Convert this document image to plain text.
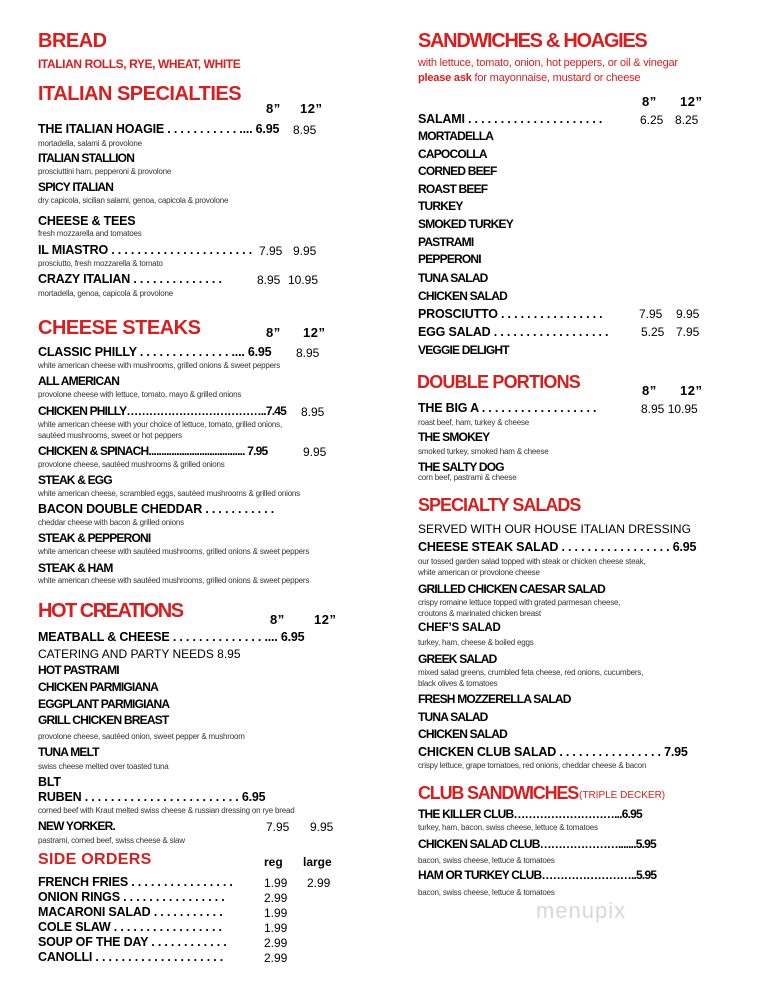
BREAD
ITALIAN ROLLS, RYE, WHEAT, WHITE
ITALIAN SPECIALTIES
8” 12”
THE ITALIAN HOAGIE . . . . . . . . . . . .... 6.95 8.95
mortadella, salami & provolone
ITALIAN STALLION
prosciuttini ham, pepperoni & provolone
SPICY ITALIAN
dry capicola, sicilian salami, genoa, capicola & provolone
CHEESE & TEES
fresh mozzarella and tomatoes
IL MIASTRO . . . . . . . . . . . . . . . . . . . . . . 7.95 9.95
prosciutto, fresh mozzarella & tomato
CRAZY ITALIAN . . . . . . . . . . . . . .	8.95 10.95
mortadella, genoa, capicola & provolone
CHEESE STEAKS	8” 12”
CLASSIC PHILLY . . . . . . . . . . . . . . .... 6.95 8.95
white american cheese with mushrooms, grilled onions & sweet peppers
ALL AMERICAN
provolone cheese with lettuce, tomato, mayo & grilled onions
CHICKEN PHILLY………………………………..7.45 8.95
white american cheese with your choice of lettuce, tomato, grilled onions,
sautéed mushrooms, sweet or hot peppers
CHICKEN & SPINACH...................................... 7.95	9.95
provolone cheese, sautéed mushrooms & grilled onions
STEAK & EGG
white american cheese, scrambled eggs, sautéed mushrooms & grilled onions
BACON DOUBLE CHEDDAR . . . . . . . . . . .
cheddar cheese with bacon & grilled onions
STEAK & PEPPERONI
white american cheese with sautéed mushrooms, grilled onions & sweet peppers
STEAK & HAM
white american cheese with sautéed mushrooms, grilled onions & sweet peppers
HOT CREATIONS	8” 12”
MEATBALL & CHEESE . . . . . . . . . . . . . . .... 6.95
CATERING AND PARTY NEEDS 8.95
HOT PASTRAMI
CHICKEN PARMIGIANA
EGGPLANT PARMIGIANA
GRILL CHICKEN BREAST
provolone cheese, sautéed onion, sweet pepper & mushroom
TUNA MELT
swiss cheese melted over toasted tuna
BLT
RUBEN . . . . . . . . . . . . . . . . . . . . . . . . 6.95
corned beef with Kraut melted swiss cheese & russian dressing on rye bread
NEW YORKER.	7.95 9.95
pastrami, corned beef, swiss cheese & slaw
SIDE ORDERS	reg large
FRENCH FRIES . . . . . . . . . . . . . . . .	1.99 2.99
ONION RINGS . . . . . . . . . . . . . . . .	2.99
MACARONI SALAD . . . . . . . . . . .	1.99
COLE SLAW . . . . . . . . . . . . . . . . .	1.99
SOUP OF THE DAY . . . . . . . . . . . .	2.99
CANOLLI . . . . . . . . . . . . . . . . . . . .	2.99
SANDWICHES & HOAGIES
with lettuce, tomato, onion, hot peppers, or oil & vinegar
please ask for mayonnaise, mustard or cheese
8” 12”
SALAMI . . . . . . . . . . . . . . . . . . . . .	6.25 8.25
MORTADELLA
CAPOCOLLA
CORNED BEEF
ROAST BEEF
TURKEY
SMOKED TURKEY
PASTRAMI
PEPPERONI
TUNA SALAD
CHICKEN SALAD
PROSCIUTTO . . . . . . . . . . . . . . . .	7.95 9.95
EGG SALAD . . . . . . . . . . . . . . . . . .	5.25 7.95
VEGGIE DELIGHT
DOUBLE PORTIONS	8” 12”
THE BIG A . . . . . . . . . . . . . . . . . .	8.95 10.95
roast beef, ham, turkey & cheese
THE SMOKEY
smoked turkey, smoked ham & cheese
THE SALTY DOG
corn beef, pastrami & cheese
SPECIALTY SALADS
SERVED WITH OUR HOUSE ITALIAN DRESSING
CHEESE STEAK SALAD . . . . . . . . . . . . . . . . . 6.95
our tossed garden salad topped with steak or chicken cheese steak,
white american or provolone cheese
GRILLED CHICKEN CAESAR SALAD
crispy romaine lettuce topped with grated parmesan cheese,
croutons & marinated chicken breast
CHEF’S SALAD
turkey, ham, cheese & boiled eggs
GREEK SALAD
mixed salad greens, crumbled feta cheese, red onions, cucumbers,
black olives & tomatoes
FRESH MOZZERELLA SALAD
TUNA SALAD
CHICKEN SALAD
CHICKEN CLUB SALAD . . . . . . . . . . . . . . . . 7.95
crispy lettuce, grape tomatoes, red onions, cheddar cheese & bacon
CLUB SANDWICHES (TRIPLE DECKER)
THE KILLER CLUB………………………...6.95
turkey, ham, bacon, swiss cheese, lettuce & tomatoes
CHICKEN SALAD CLUB………………….......5.95
bacon, swiss cheese, lettuce & tomatoes
HAM OR TURKEY CLUB……………………..5.95
bacon, swiss cheese, lettuce & tomatoes
menupix
